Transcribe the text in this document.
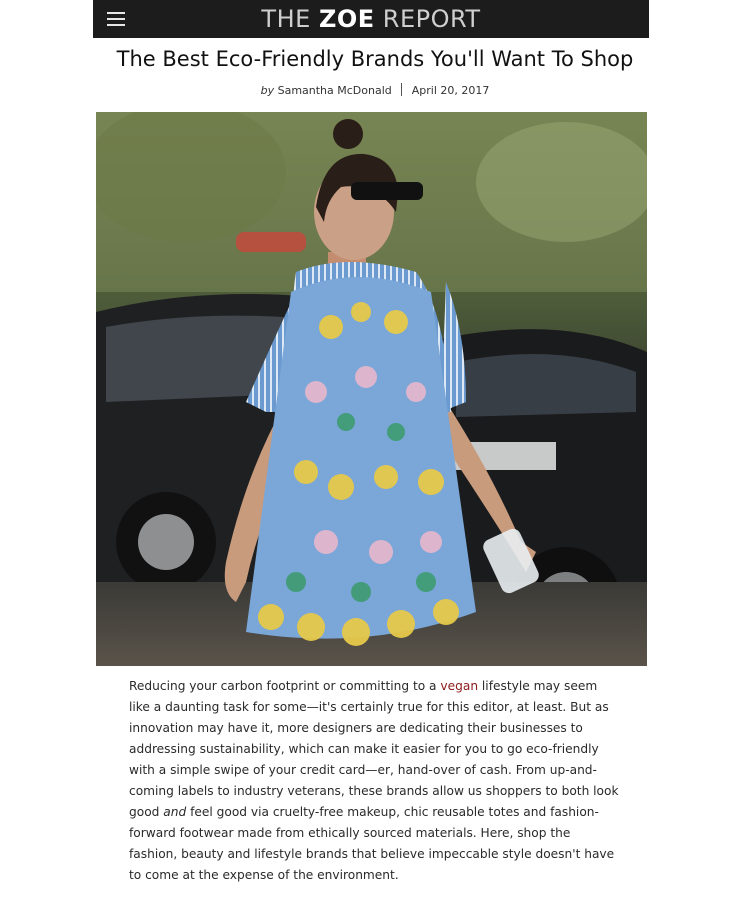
THE ZOE REPORT
The Best Eco-Friendly Brands You'll Want To Shop
by Samantha McDonald April 20, 2017
Reducing your carbon footprint or committing to a vegan lifestyle may seem like a daunting task for some—it's certainly true for this editor, at least. But as innovation may have it, more designers are dedicating their businesses to addressing sustainability, which can make it easier for you to go eco-friendly with a simple swipe of your credit card—er, hand-over of cash. From up-and-coming labels to industry veterans, these brands allow us shoppers to both look good and feel good via cruelty-free makeup, chic reusable totes and fashion-forward footwear made from ethically sourced materials. Here, shop the fashion, beauty and lifestyle brands that believe impeccable style doesn't have to come at the expense of the environment.
